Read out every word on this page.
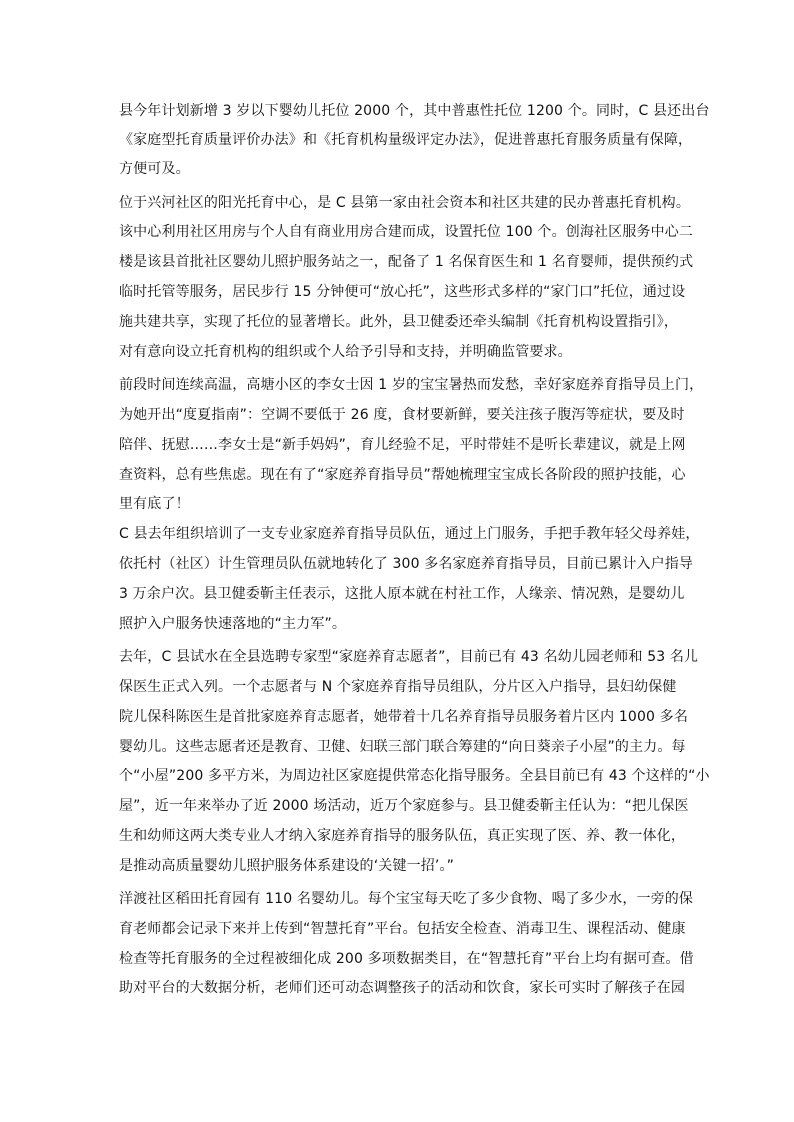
县今年计划新增 3 岁以下婴幼儿托位 2000 个，其中普惠性托位 1200 个。同时，C 县还出台
《家庭型托育质量评价办法》和《托育机构量级评定办法》，促进普惠托育服务质量有保障，
方便可及。
位于兴河社区的阳光托育中心，是 C 县第一家由社会资本和社区共建的民办普惠托育机构。
该中心利用社区用房与个人自有商业用房合建而成，设置托位 100 个。创海社区服务中心二
楼是该县首批社区婴幼儿照护服务站之一，配备了 1 名保育医生和 1 名育婴师，提供预约式
临时托管等服务，居民步行 15 分钟便可“放心托”，这些形式多样的“家门口”托位，通过设
施共建共享，实现了托位的显著增长。此外，县卫健委还牵头编制《托育机构设置指引》，
对有意向设立托育机构的组织或个人给予引导和支持，并明确监管要求。
前段时间连续高温，高塘小区的李女士因 1 岁的宝宝暑热而发愁，幸好家庭养育指导员上门，
为她开出“度夏指南”：空调不要低于 26 度，食材要新鲜，要关注孩子腹泻等症状，要及时
陪伴、抚慰……李女士是“新手妈妈”，育儿经验不足，平时带娃不是听长辈建议，就是上网
查资料，总有些焦虑。现在有了“家庭养育指导员”帮她梳理宝宝成长各阶段的照护技能，心
里有底了！
C 县去年组织培训了一支专业家庭养育指导员队伍，通过上门服务，手把手教年轻父母养娃，
依托村（社区）计生管理员队伍就地转化了 300 多名家庭养育指导员，目前已累计入户指导
3 万余户次。县卫健委靳主任表示，这批人原本就在村社工作，人缘亲、情况熟，是婴幼儿
照护入户服务快速落地的“主力军”。
去年，C 县试水在全县选聘专家型“家庭养育志愿者”，目前已有 43 名幼儿园老师和 53 名儿
保医生正式入列。一个志愿者与 N 个家庭养育指导员组队，分片区入户指导，县妇幼保健
院儿保科陈医生是首批家庭养育志愿者，她带着十几名养育指导员服务着片区内 1000 多名
婴幼儿。这些志愿者还是教育、卫健、妇联三部门联合筹建的“向日葵亲子小屋”的主力。每
个“小屋”200 多平方米，为周边社区家庭提供常态化指导服务。全县目前已有 43 个这样的“小
屋”，近一年来举办了近 2000 场活动，近万个家庭参与。县卫健委靳主任认为：“把儿保医
生和幼师这两大类专业人才纳入家庭养育指导的服务队伍，真正实现了医、养、教一体化，
是推动高质量婴幼儿照护服务体系建设的‘关键一招’。”
洋渡社区稻田托育园有 110 名婴幼儿。每个宝宝每天吃了多少食物、喝了多少水，一旁的保
育老师都会记录下来并上传到“智慧托育”平台。包括安全检查、消毒卫生、课程活动、健康
检查等托育服务的全过程被细化成 200 多项数据类目，在“智慧托育”平台上均有据可查。借
助对平台的大数据分析，老师们还可动态调整孩子的活动和饮食，家长可实时了解孩子在园
